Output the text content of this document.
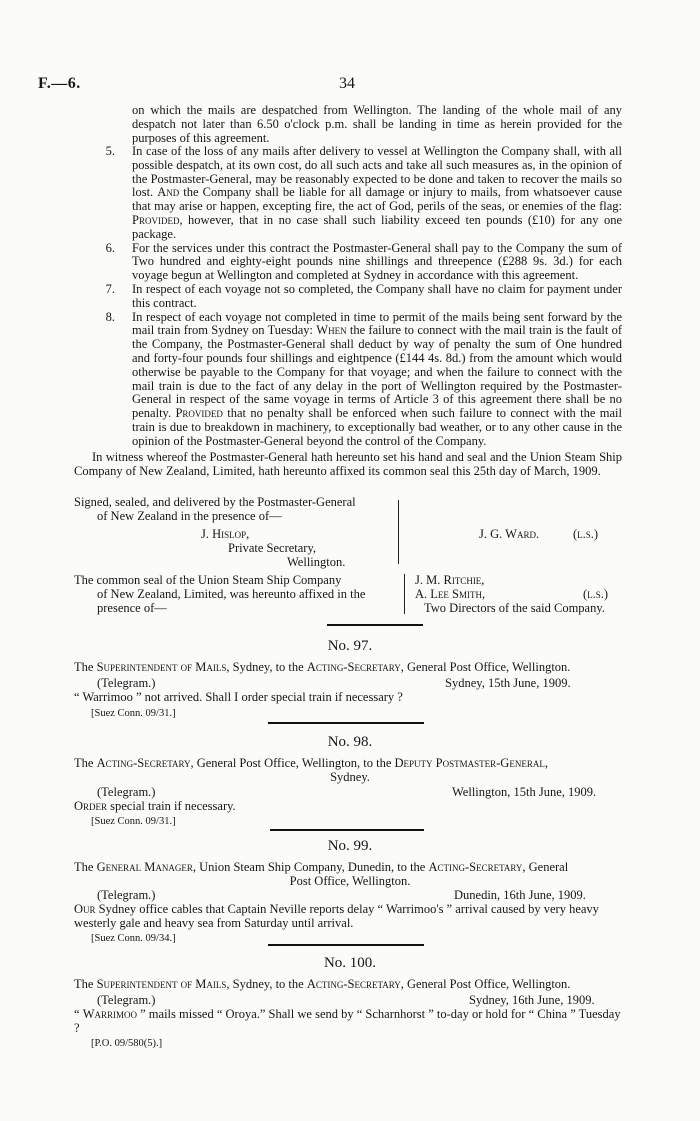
F.—6.	34

on which the mails are despatched from Wellington. The landing of the whole mail of any despatch not later than 6.50 o'clock p.m. shall be landing in time as herein provided for the purposes of this agreement.

5. In case of the loss of any mails after delivery to vessel at Wellington the Company shall, with all possible despatch, at its own cost, do all such acts and take all such measures as, in the opinion of the Postmaster-General, may be reasonably expected to be done and taken to recover the mails so lost. And the Company shall be liable for all damage or injury to mails, from whatsoever cause that may arise or happen, excepting fire, the act of God, perils of the seas, or enemies of the flag: Provided, however, that in no case shall such liability exceed ten pounds (£10) for any one package.

6. For the services under this contract the Postmaster-General shall pay to the Company the sum of Two hundred and eighty-eight pounds nine shillings and threepence (£288 9s. 3d.) for each voyage begun at Wellington and completed at Sydney in accordance with this agreement.

7. In respect of each voyage not so completed, the Company shall have no claim for payment under this contract.

8. In respect of each voyage not completed in time to permit of the mails being sent forward by the mail train from Sydney on Tuesday: When the failure to connect with the mail train is the fault of the Company, the Postmaster-General shall deduct by way of penalty the sum of One hundred and forty-four pounds four shillings and eightpence (£144 4s. 8d.) from the amount which would otherwise be payable to the Company for that voyage; and when the failure to connect with the mail train is due to the fact of any delay in the port of Wellington required by the Postmaster-General in respect of the same voyage in terms of Article 3 of this agreement there shall be no penalty. Provided that no penalty shall be enforced when such failure to connect with the mail train is due to breakdown in machinery, to exceptionally bad weather, or to any other cause in the opinion of the Postmaster-General beyond the control of the Company.

In witness whereof the Postmaster-General hath hereunto set his hand and seal and the Union Steam Ship Company of New Zealand, Limited, hath hereunto affixed its common seal this 25th day of March, 1909.

Signed, sealed, and delivered by the Postmaster-General
of New Zealand in the presence of—
J. Hislop,
Private Secretary,
Wellington.
J. G. Ward.	(l.s.)
The common seal of the Union Steam Ship Company
of New Zealand, Limited, was hereunto affixed in the
presence of—
J. M. Ritchie,
A. Lee Smith,	(l.s.)
Two Directors of the said Company.
No. 97.
The Superintendent of Mails, Sydney, to the Acting-Secretary, General Post Office, Wellington.
(Telegram.)	Sydney, 15th June, 1909.
“ Warrimoo ” not arrived. Shall I order special train if necessary ?
[Suez Conn. 09/31.]
No. 98.
The Acting-Secretary, General Post Office, Wellington, to the Deputy Postmaster-General,
Sydney.
(Telegram.)	Wellington, 15th June, 1909.
Order special train if necessary.
[Suez Conn. 09/31.]
No. 99.
The General Manager, Union Steam Ship Company, Dunedin, to the Acting-Secretary, General
Post Office, Wellington.
(Telegram.)	Dunedin, 16th June, 1909.
Our Sydney office cables that Captain Neville reports delay “ Warrimoo's ” arrival caused by very heavy westerly gale and heavy sea from Saturday until arrival.
[Suez Conn. 09/34.]
No. 100.
The Superintendent of Mails, Sydney, to the Acting-Secretary, General Post Office, Wellington.
(Telegram.)	Sydney, 16th June, 1909.
“ Warrimoo ” mails missed “ Oroya.” Shall we send by “ Scharnhorst ” to-day or hold for “ China ” Tuesday ?
[P.O. 09/580(5).]
